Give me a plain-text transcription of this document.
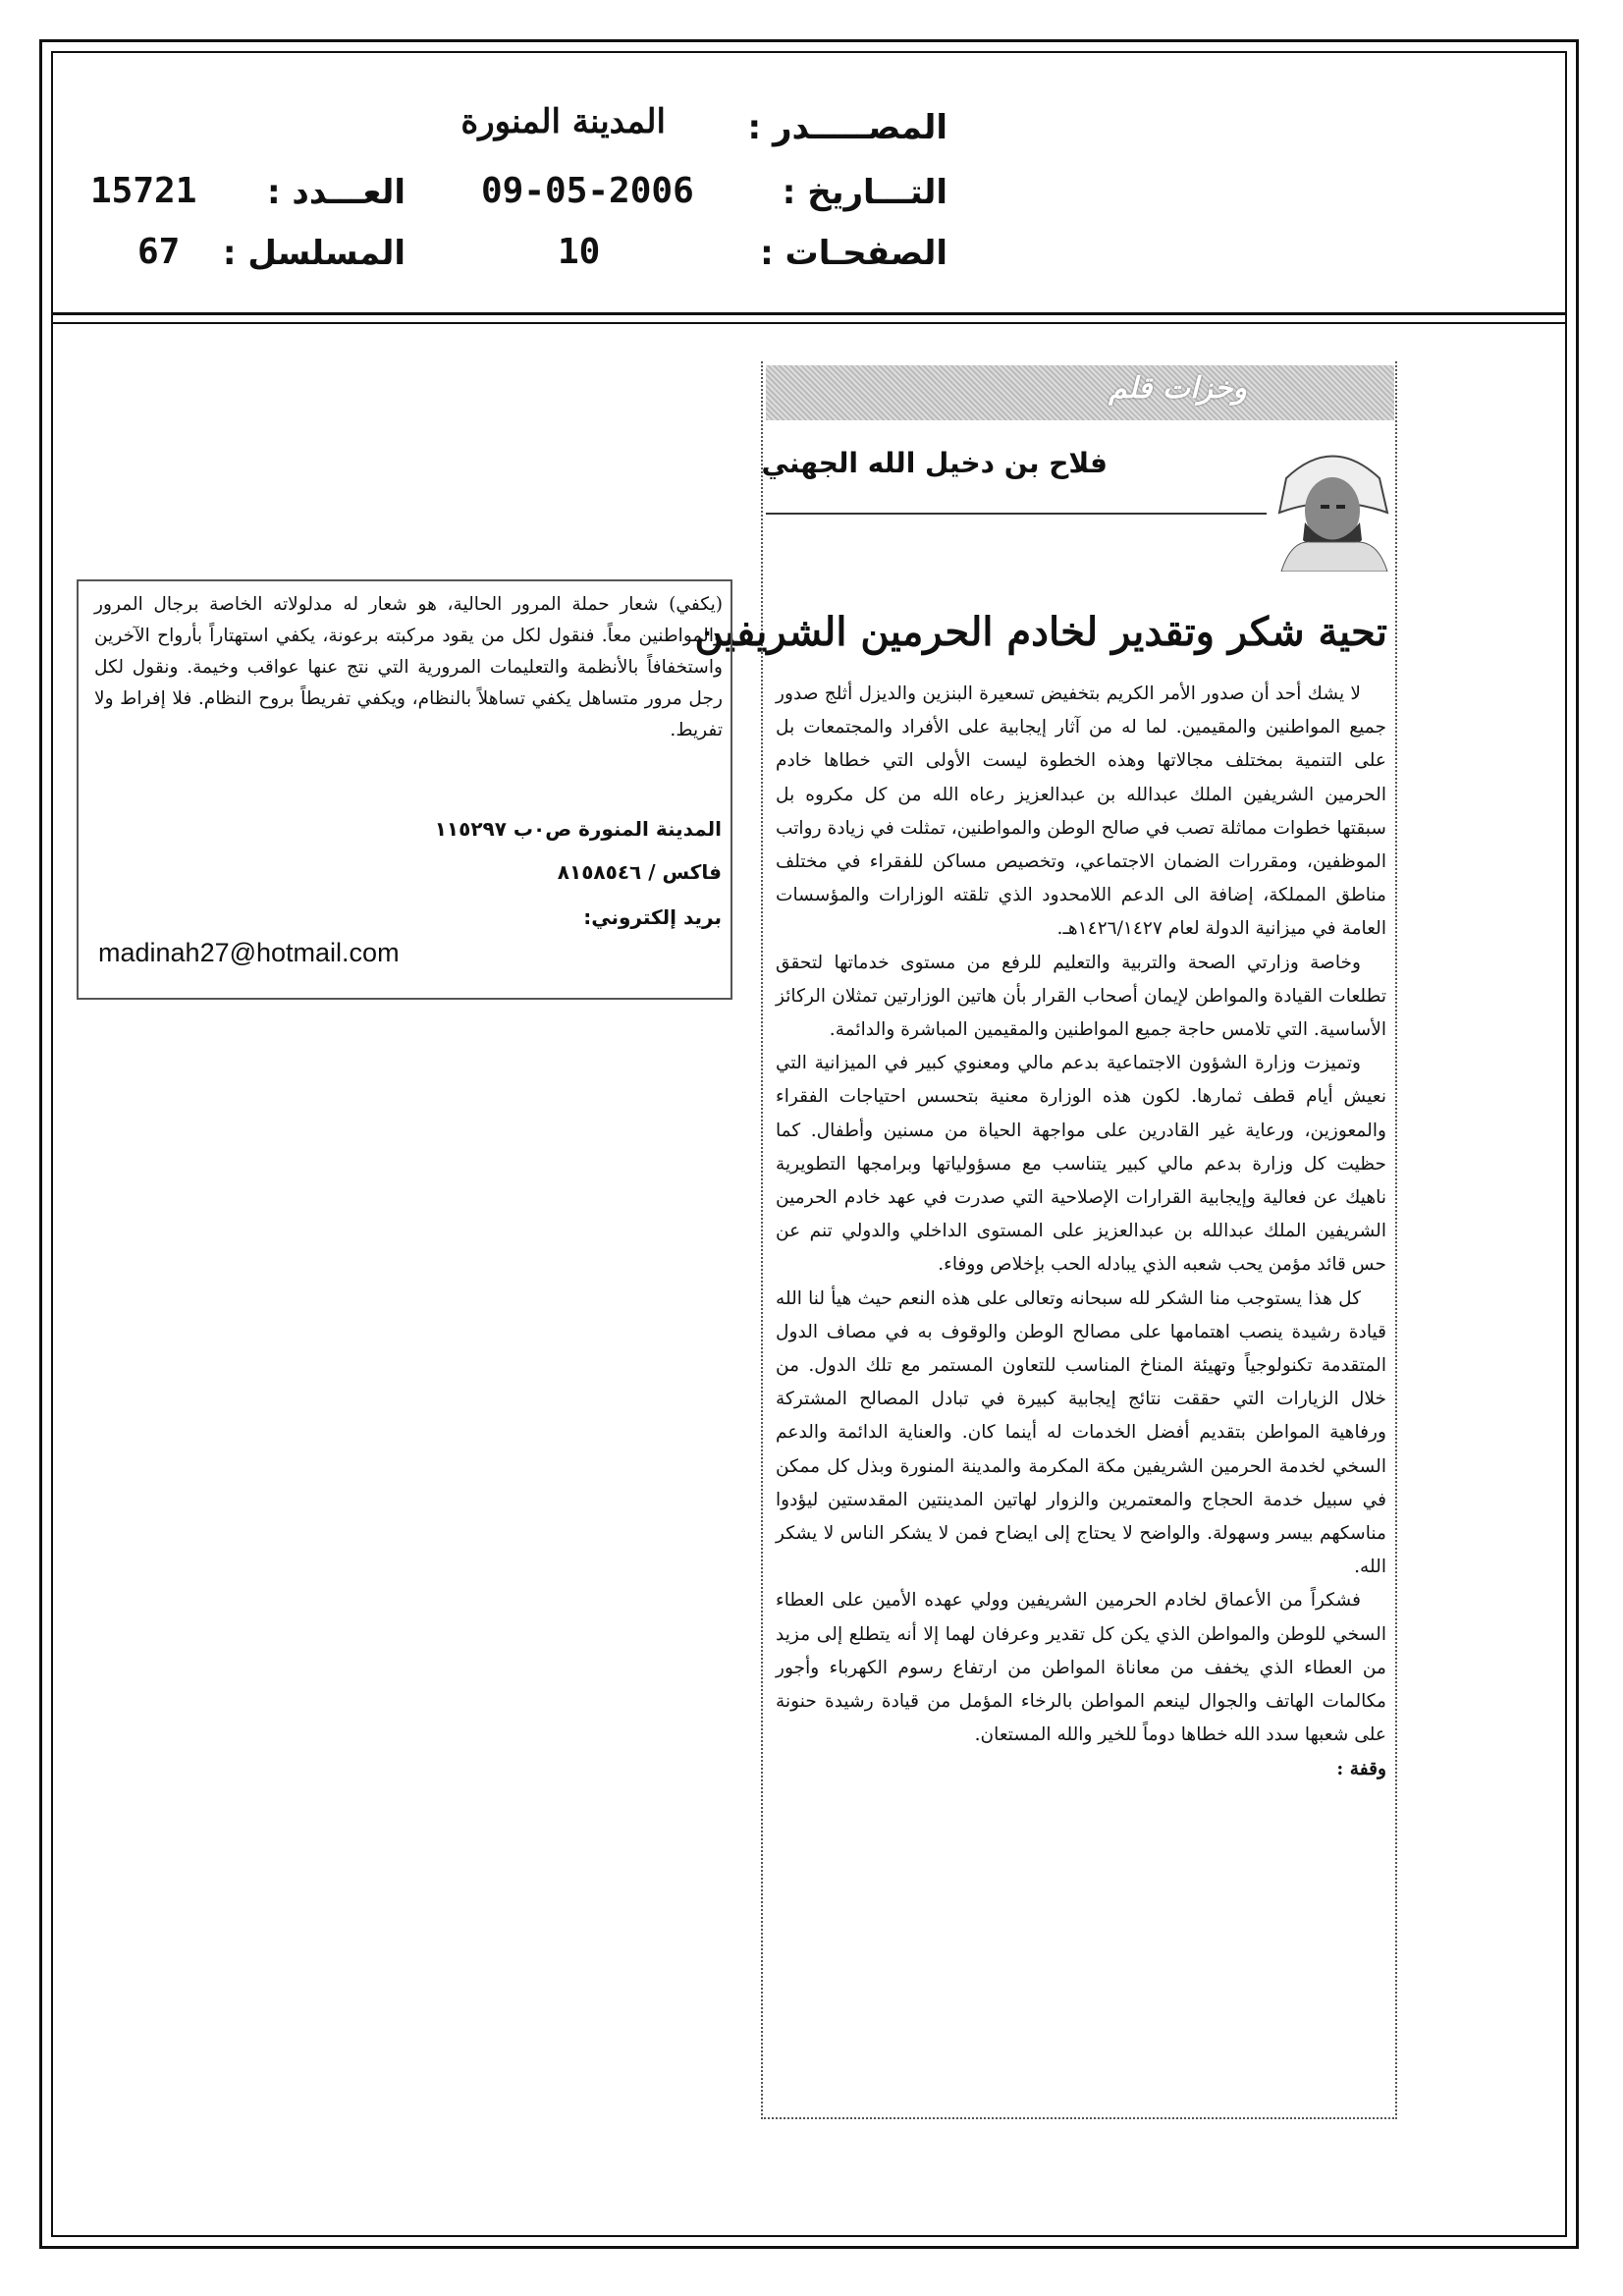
المصـــــدر :
المدينة المنورة
التـــاريخ :
09-05-2006
العـــدد :
15721
الصفحـات :
10
المسلسل :
67
وخزات قلم
فلاح بن دخيل الله الجهني
تحية شكر وتقدير لخادم الحرمين الشريفين

لا يشك أحد أن صدور الأمر الكريم بتخفيض تسعيرة البنزين والديزل أثلج صدور جميع المواطنين والمقيمين. لما له من آثار إيجابية على الأفراد والمجتمعات بل على التنمية بمختلف مجالاتها وهذه الخطوة ليست الأولى التي خطاها خادم الحرمين الشريفين الملك عبدالله بن عبدالعزيز رعاه الله من كل مكروه بل سبقتها خطوات مماثلة تصب في صالح الوطن والمواطنين، تمثلت في زيادة رواتب الموظفين، ومقررات الضمان الاجتماعي، وتخصيص مساكن للفقراء في مختلف مناطق المملكة، إضافة الى الدعم اللامحدود الذي تلقته الوزارات والمؤسسات العامة في ميزانية الدولة لعام ١٤٢٦/١٤٢٧هـ.

وخاصة وزارتي الصحة والتربية والتعليم للرفع من مستوى خدماتها لتحقق تطلعات القيادة والمواطن لإيمان أصحاب القرار بأن هاتين الوزارتين تمثلان الركائز الأساسية. التي تلامس حاجة جميع المواطنين والمقيمين المباشرة والدائمة.

وتميزت وزارة الشؤون الاجتماعية بدعم مالي ومعنوي كبير في الميزانية التي نعيش أيام قطف ثمارها. لكون هذه الوزارة معنية بتحسس احتياجات الفقراء والمعوزين، ورعاية غير القادرين على مواجهة الحياة من مسنين وأطفال. كما حظيت كل وزارة بدعم مالي كبير يتناسب مع مسؤولياتها وبرامجها التطويرية ناهيك عن فعالية وإيجابية القرارات الإصلاحية التي صدرت في عهد خادم الحرمين الشريفين الملك عبدالله بن عبدالعزيز على المستوى الداخلي والدولي تنم عن حس قائد مؤمن يحب شعبه الذي يبادله الحب بإخلاص ووفاء.

كل هذا يستوجب منا الشكر لله سبحانه وتعالى على هذه النعم حيث هيأ لنا الله قيادة رشيدة ينصب اهتمامها على مصالح الوطن والوقوف به في مصاف الدول المتقدمة تكنولوجياً وتهيئة المناخ المناسب للتعاون المستمر مع تلك الدول. من خلال الزيارات التي حققت نتائج إيجابية كبيرة في تبادل المصالح المشتركة ورفاهية المواطن بتقديم أفضل الخدمات له أينما كان. والعناية الدائمة والدعم السخي لخدمة الحرمين الشريفين مكة المكرمة والمدينة المنورة وبذل كل ممكن في سبيل خدمة الحجاج والمعتمرين والزوار لهاتين المدينتين المقدستين ليؤدوا مناسكهم بيسر وسهولة. والواضح لا يحتاج إلى ايضاح فمن لا يشكر الناس لا يشكر الله.

فشكراً من الأعماق لخادم الحرمين الشريفين وولي عهده الأمين على العطاء السخي للوطن والمواطن الذي يكن كل تقدير وعرفان لهما إلا أنه يتطلع إلى مزيد من العطاء الذي يخفف من معاناة المواطن من ارتفاع رسوم الكهرباء وأجور مكالمات الهاتف والجوال لينعم المواطن بالرخاء المؤمل من قيادة رشيدة حنونة على شعبها سدد الله خطاها دوماً للخير والله المستعان.

وقفة :

(يكفي) شعار حملة المرور الحالية، هو شعار له مدلولاته الخاصة برجال المرور والمواطنين معاً. فنقول لكل من يقود مركبته برعونة، يكفي استهتاراً بأرواح الآخرين واستخفافاً بالأنظمة والتعليمات المرورية التي نتج عنها عواقب وخيمة. ونقول لكل رجل مرور متساهل يكفي تساهلاً بالنظام، ويكفي تفريطاً بروح النظام. فلا إفراط ولا تفريط.
المدينة المنورة ص٠ب ١١٥٢٩٧
فاكس / ٨١٥٨٥٤٦
بريد إلكتروني:
madinah27@hotmail.com
